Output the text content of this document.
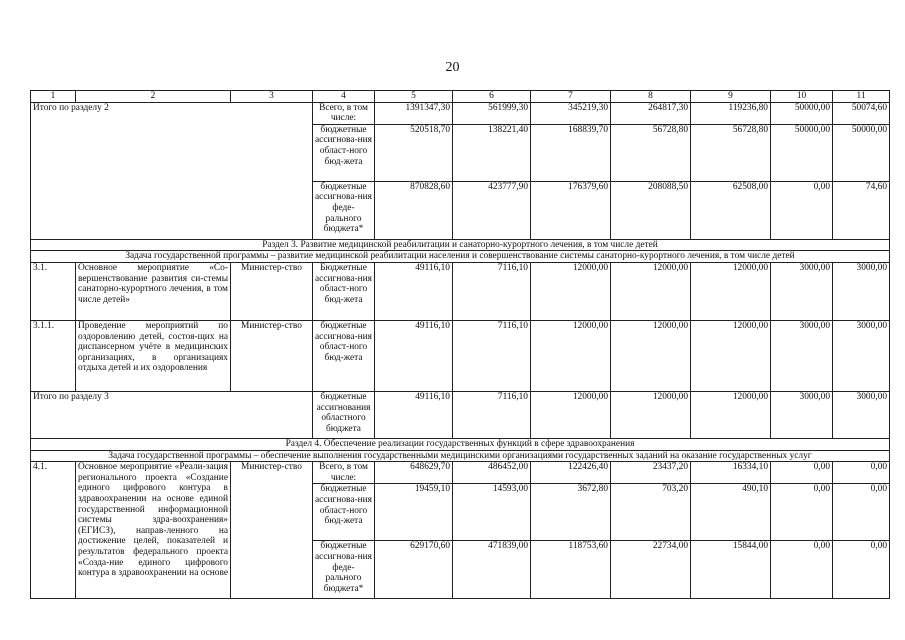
20
1	2	3	4	5	6	7	8	9	10	11
Итого по разделу 2			Всего, в том числе:	1391347,30	561999,30	345219,30	264817,30	119236,80	50000,00	50074,60
			бюджетные ассигнова-ния област-ного бюд-жета	520518,70	138221,40	168839,70	56728,80	56728,80	50000,00	50000,00
			бюджетные ассигнова-ния феде-рального бюджета*	870828,60	423777,90	176379,60	208088,50	62508,00	0,00	74,60
Раздел 3. Развитие медицинской реабилитации и санаторно-курортного лечения, в том числе детей										
Задача государственной программы – развитие медицинской реабилитации населения и совершенствование системы санаторно-курортного лечения, в том числе детей										
3.1.	Основное мероприятие «Со-вершенствование развития си-стемы санаторно-курортного лечения, в том числе детей»	Министер-ство	Бюджетные ассигнова-ния област-ного бюд-жета	49116,10	7116,10	12000,00	12000,00	12000,00	3000,00	3000,00
3.1.1.	Проведение мероприятий по оздоровлению детей, состоя-щих на диспансерном учёте в медицинских организациях, в организациях отдыха детей и их оздоровления	Министер-ство	бюджетные ассигнова-ния област-ного бюд-жета	49116,10	7116,10	12000,00	12000,00	12000,00	3000,00	3000,00
Итого по разделу 3			бюджетные ассигнования областного бюджета	49116,10	7116,10	12000,00	12000,00	12000,00	3000,00	3000,00
Раздел 4. Обеспечение реализации государственных функций в сфере здравоохранения										
Задача государственной программы – обеспечение выполнения государственными медицинскими организациями государственных заданий на оказание государственных услуг										
4.1.	Основное мероприятие «Реали-зация регионального проекта «Создание единого цифрового контура в здравоохранении на основе единой государственной информационной системы здра-воохранения» (ЕГИСЗ), направ-ленного на достижение целей, показателей и результатов федерального проекта «Созда-ние единого цифрового контура в здравоохранении на основе	Министер-ство	Всего, в том числе:	648629,70	486452,00	122426,40	23437,20	16334,10	0,00	0,00
			бюджетные ассигнова-ния област-ного бюд-жета	19459,10	14593,00	3672,80	703,20	490,10	0,00	0,00
			бюджетные ассигнова-ния феде-рального бюджета*	629170,60	471839,00	118753,60	22734,00	15844,00	0,00	0,00
